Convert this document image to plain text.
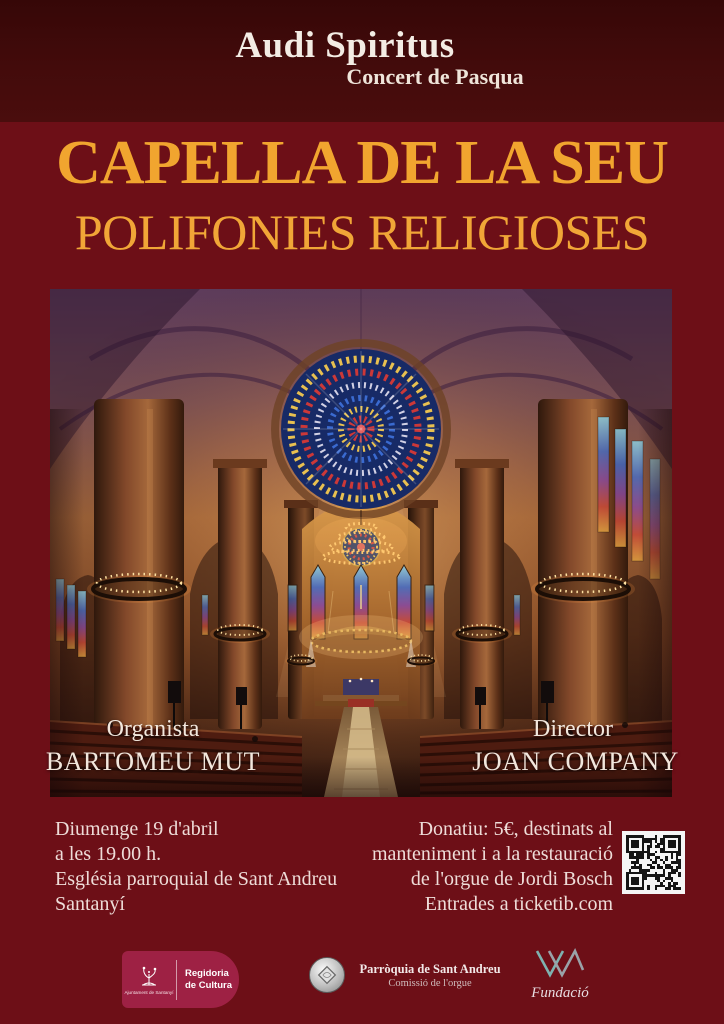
Audi Spiritus
Concert de Pasqua
CAPELLA DE LA SEU
POLIFONIES RELIGIOSES
Organista
BARTOMEU MUT
Director
JOAN COMPANY
Diumenge 19 d'abril
a les 19.00 h.
Església parroquial de Sant Andreu
Santanyí
Donatiu: 5€, destinats al
manteniment i a la restauració
de l'orgue de Jordi Bosch
Entrades a ticketib.com
Ajuntament de Santanyí
Regidoria de Cultura
Parròquia de Sant Andreu
Comissió de l'orgue
Fundació
